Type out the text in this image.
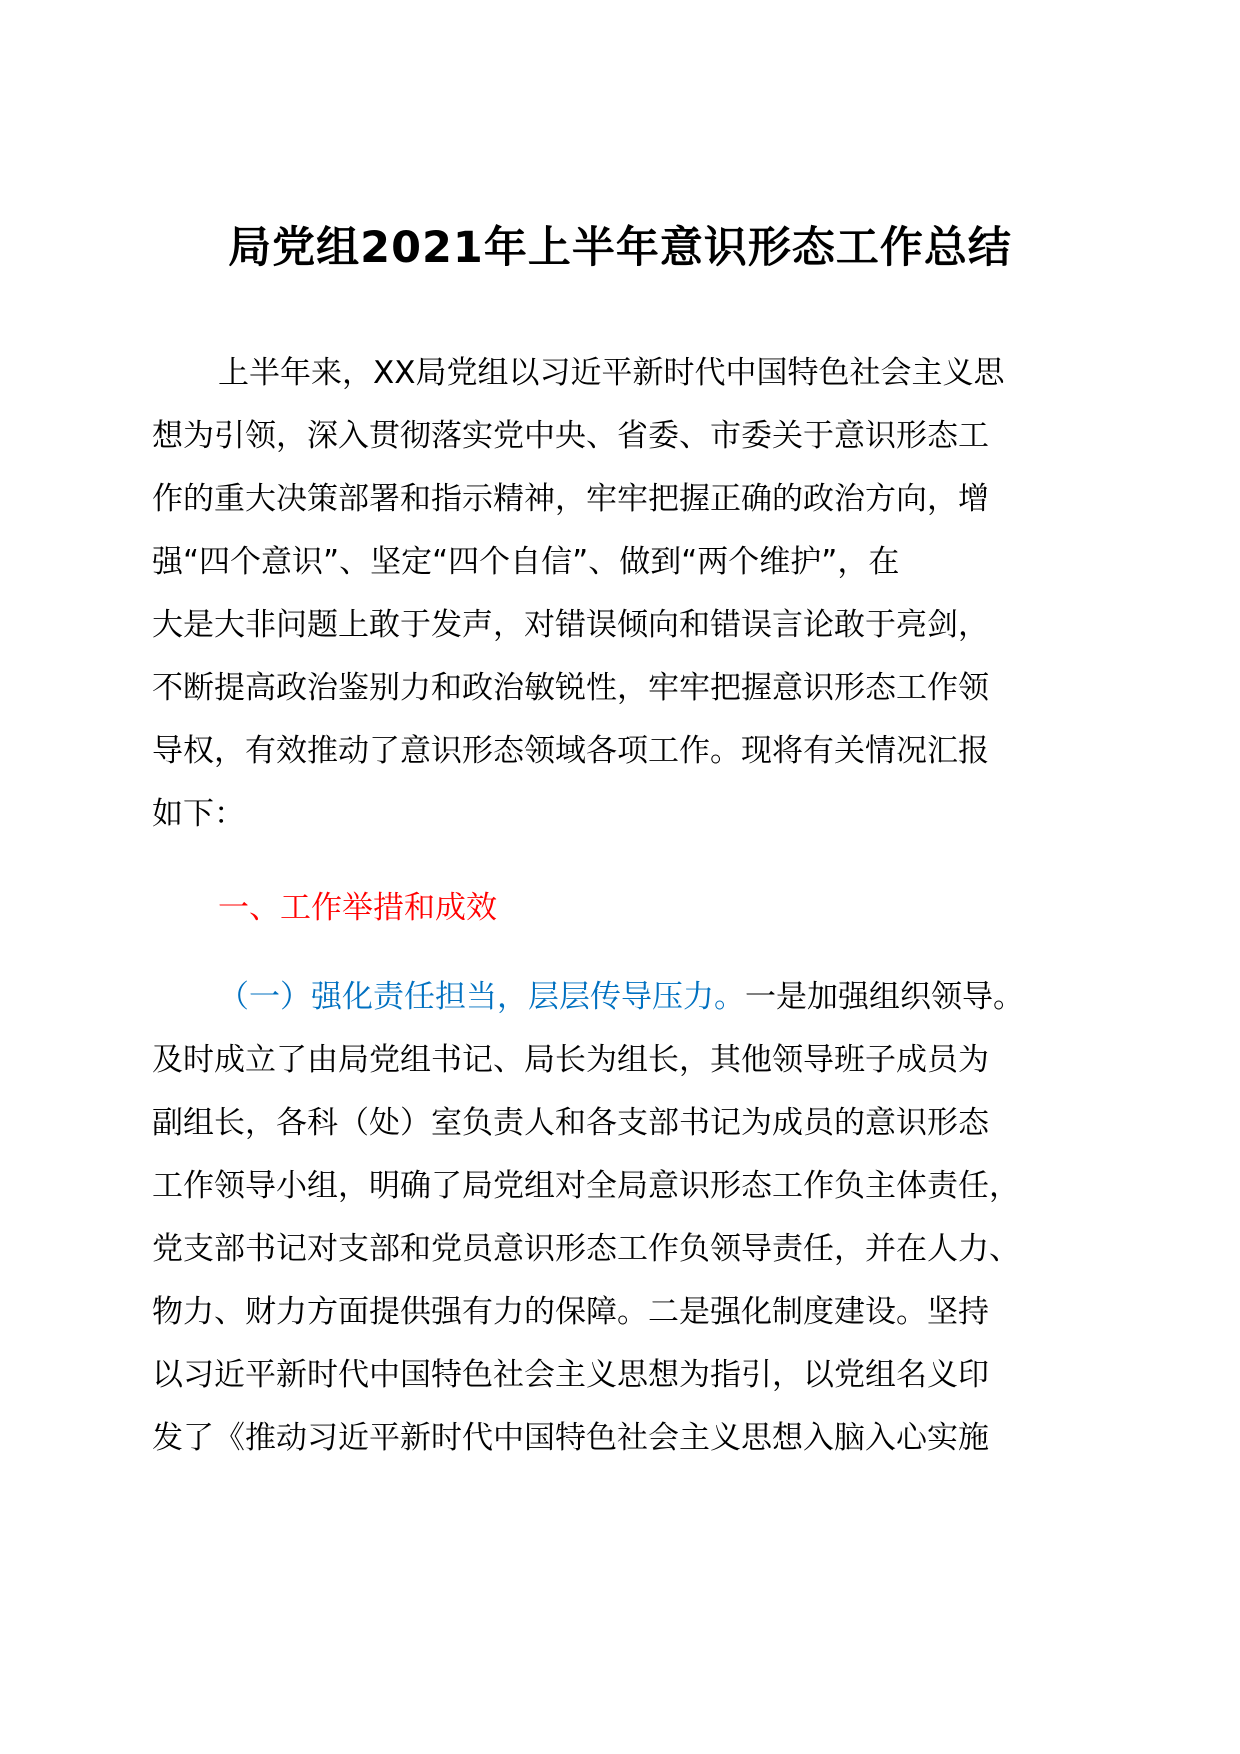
局党组2021年上半年意识形态工作总结
上半年来，XX局党组以习近平新时代中国特色社会主义思
想为引领，深入贯彻落实党中央、省委、市委关于意识形态工
作的重大决策部署和指示精神，牢牢把握正确的政治方向，增
强“四个意识”、坚定“四个自信”、做到“两个维护”，在
大是大非问题上敢于发声，对错误倾向和错误言论敢于亮剑，
不断提高政治鉴别力和政治敏锐性，牢牢把握意识形态工作领
导权，有效推动了意识形态领域各项工作。现将有关情况汇报
如下：
一、工作举措和成效
（一）强化责任担当，层层传导压力。一是加强组织领导。
及时成立了由局党组书记、局长为组长，其他领导班子成员为
副组长，各科（处）室负责人和各支部书记为成员的意识形态
工作领导小组，明确了局党组对全局意识形态工作负主体责任，
党支部书记对支部和党员意识形态工作负领导责任，并在人力、
物力、财力方面提供强有力的保障。二是强化制度建设。坚持
以习近平新时代中国特色社会主义思想为指引，以党组名义印
发了《推动习近平新时代中国特色社会主义思想入脑入心实施
